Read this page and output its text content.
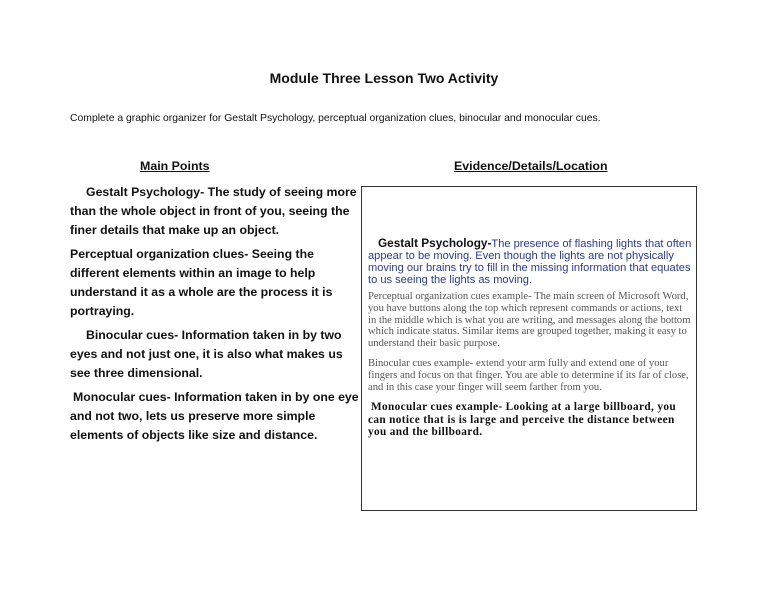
Module Three Lesson Two Activity
Complete a graphic organizer for Gestalt Psychology, perceptual organization clues, binocular and monocular cues.
Main Points	Evidence/Details/Location

Gestalt Psychology- The study of seeing more than the whole object in front of you, seeing the finer details that make up an object.

Perceptual organization clues- Seeing the different elements within an image to help understand it as a whole are the process it is portraying.

Binocular cues- Information taken in by two eyes and not just one, it is also what makes us see three dimensional.

Monocular cues- Information taken in by one eye and not two, lets us preserve more simple elements of objects like size and distance.

Gestalt Psychology-The presence of flashing lights that often appear to be moving. Even though the lights are not physically moving our brains try to fill in the missing information that equates to us seeing the lights as moving.

Perceptual organization cues example- The main screen of Microsoft Word, you have buttons along the top which represent commands or actions, text in the middle which is what you are writing, and messages along the bottom which indicate status. Similar items are grouped together, making it easy to understand their basic purpose.

Binocular cues example- extend your arm fully and extend one of your fingers and focus on that finger. You are able to determine if its far of close, and in this case your finger will seem farther from you.

Monocular cues example- Looking at a large billboard, you can notice that is is large and perceive the distance between you and the billboard.
